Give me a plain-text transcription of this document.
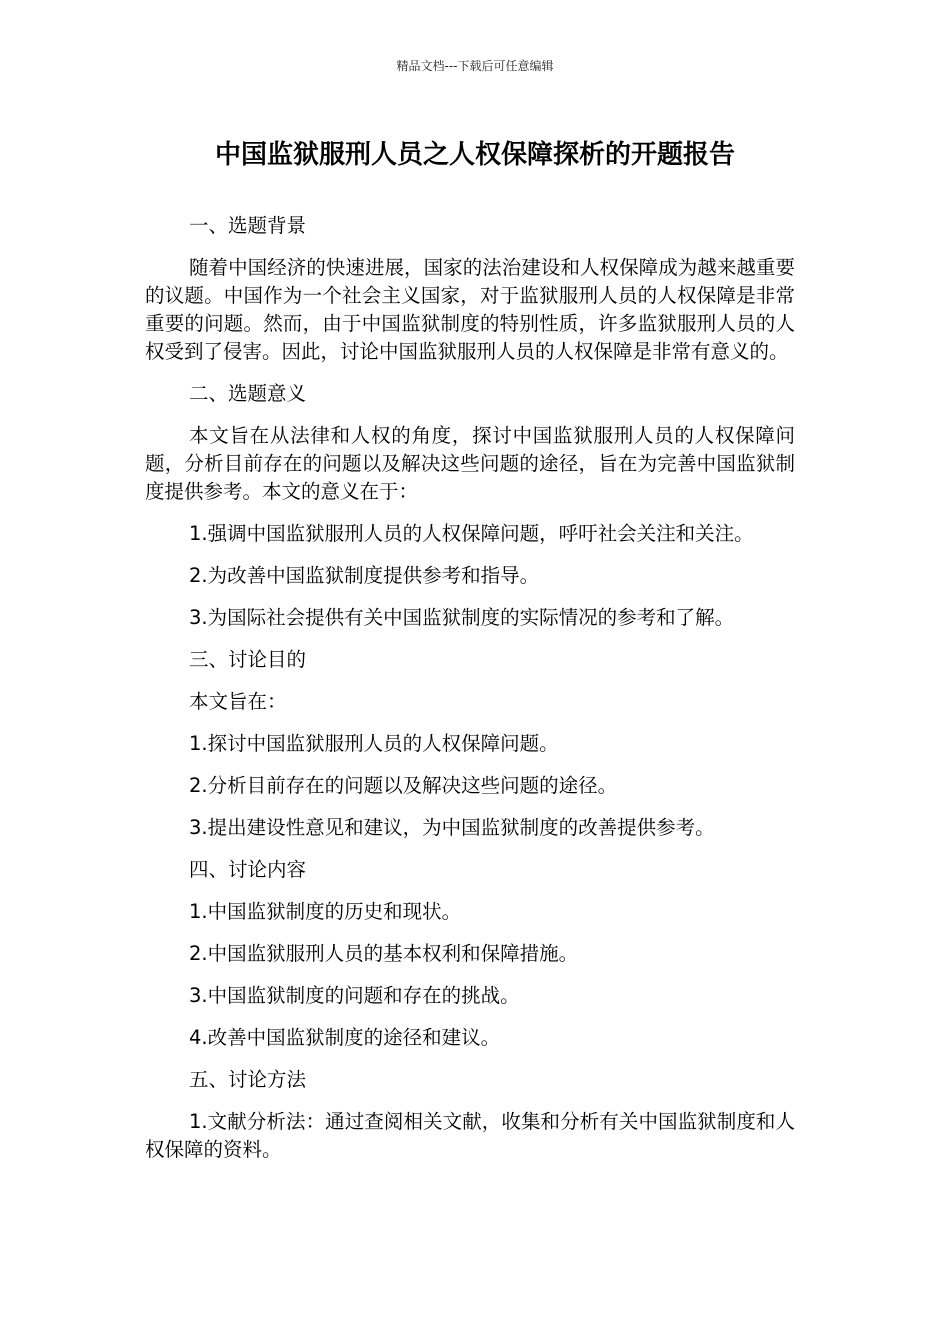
精品文档---下载后可任意编辑
中国监狱服刑人员之人权保障探析的开题报告

一、选题背景

随着中国经济的快速进展，国家的法治建设和人权保障成为越来越重要的议题。中国作为一个社会主义国家，对于监狱服刑人员的人权保障是非常重要的问题。然而，由于中国监狱制度的特别性质，许多监狱服刑人员的人权受到了侵害。因此，讨论中国监狱服刑人员的人权保障是非常有意义的。

二、选题意义

本文旨在从法律和人权的角度，探讨中国监狱服刑人员的人权保障问题，分析目前存在的问题以及解决这些问题的途径，旨在为完善中国监狱制度提供参考。本文的意义在于：

1.强调中国监狱服刑人员的人权保障问题，呼吁社会关注和关注。

2.为改善中国监狱制度提供参考和指导。

3.为国际社会提供有关中国监狱制度的实际情况的参考和了解。

三、讨论目的

本文旨在：

1.探讨中国监狱服刑人员的人权保障问题。

2.分析目前存在的问题以及解决这些问题的途径。

3.提出建设性意见和建议，为中国监狱制度的改善提供参考。

四、讨论内容

1.中国监狱制度的历史和现状。

2.中国监狱服刑人员的基本权利和保障措施。

3.中国监狱制度的问题和存在的挑战。

4.改善中国监狱制度的途径和建议。

五、讨论方法

1.文献分析法：通过查阅相关文献，收集和分析有关中国监狱制度和人权保障的资料。
